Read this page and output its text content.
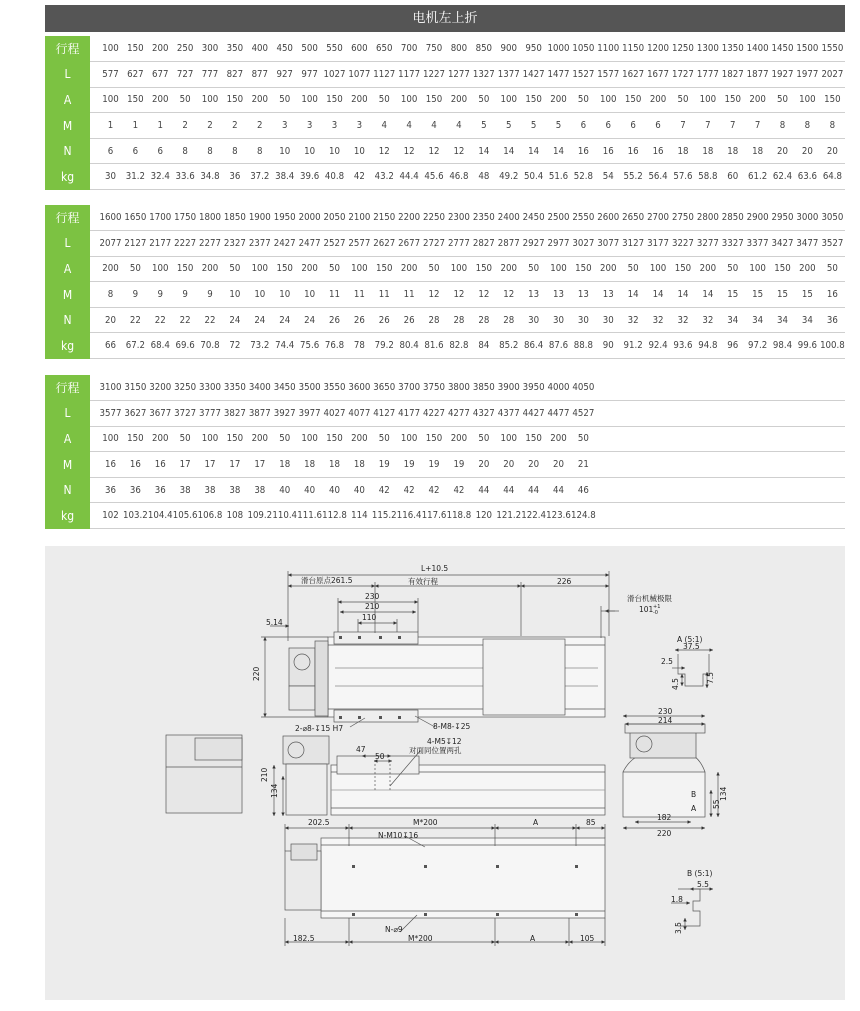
电机左上折
行程		100	150	200	250	300	350	400	450	500	550	600	650	700	750	800	850	900	950	1000	1050	1100	1150	1200	1250	1300	1350	1400	1450	1500	1550
L		577	627	677	727	777	827	877	927	977	1027	1077	1127	1177	1227	1277	1327	1377	1427	1477	1527	1577	1627	1677	1727	1777	1827	1877	1927	1977	2027
A		100	150	200	50	100	150	200	50	100	150	200	50	100	150	200	50	100	150	200	50	100	150	200	50	100	150	200	50	100	150
M		1	1	1	2	2	2	2	3	3	3	3	4	4	4	4	5	5	5	5	6	6	6	6	7	7	7	7	8	8	8
N		6	6	6	8	8	8	8	10	10	10	10	12	12	12	12	14	14	14	14	16	16	16	16	18	18	18	18	20	20	20
kg		30	31.2	32.4	33.6	34.8	36	37.2	38.4	39.6	40.8	42	43.2	44.4	45.6	46.8	48	49.2	50.4	51.6	52.8	54	55.2	56.4	57.6	58.8	60	61.2	62.4	63.6	64.8
行程		1600	1650	1700	1750	1800	1850	1900	1950	2000	2050	2100	2150	2200	2250	2300	2350	2400	2450	2500	2550	2600	2650	2700	2750	2800	2850	2900	2950	3000	3050
L		2077	2127	2177	2227	2277	2327	2377	2427	2477	2527	2577	2627	2677	2727	2777	2827	2877	2927	2977	3027	3077	3127	3177	3227	3277	3327	3377	3427	3477	3527
A		200	50	100	150	200	50	100	150	200	50	100	150	200	50	100	150	200	50	100	150	200	50	100	150	200	50	100	150	200	50
M		8	9	9	9	9	10	10	10	10	11	11	11	11	12	12	12	12	13	13	13	13	14	14	14	14	15	15	15	15	16
N		20	22	22	22	22	24	24	24	24	26	26	26	26	28	28	28	28	30	30	30	30	32	32	32	32	34	34	34	34	36
kg		66	67.2	68.4	69.6	70.8	72	73.2	74.4	75.6	76.8	78	79.2	80.4	81.6	82.8	84	85.2	86.4	87.6	88.8	90	91.2	92.4	93.6	94.8	96	97.2	98.4	99.6	100.8
行程		3100	3150	3200	3250	3300	3350	3400	3450	3500	3550	3600	3650	3700	3750	3800	3850	3900	3950	4000	4050										
L		3577	3627	3677	3727	3777	3827	3877	3927	3977	4027	4077	4127	4177	4227	4277	4327	4377	4427	4477	4527										
A		100	150	200	50	100	150	200	50	100	150	200	50	100	150	200	50	100	150	200	50										
M		16	16	16	17	17	17	17	18	18	18	18	19	19	19	19	20	20	20	20	21										
N		36	36	36	38	38	38	38	40	40	40	40	42	42	42	42	44	44	44	44	46										
kg		102	103.2	104.4	105.6	106.8	108	109.2	110.4	111.6	112.8	114	115.2	116.4	117.6	118.8	120	121.2	122.4	123.6	124.8										
L+10.5
滑台原点261.5	有效行程	226
230
210
110
滑台机械极限
101 +1
-0
5.14
220
2-⌀8-↧15 H7	8-M8-↧25
4-M5↧12
对面同位置两孔
47
50
210
134
A (5:1)
37.5
2.5
4.5
7.5
230
214
134
55
182
220
B
A
202.5	M*200	A	85
N-M10↧16
N-⌀9
182.5	M*200	A	105
B (5:1)
5.5
1.8
3.5
